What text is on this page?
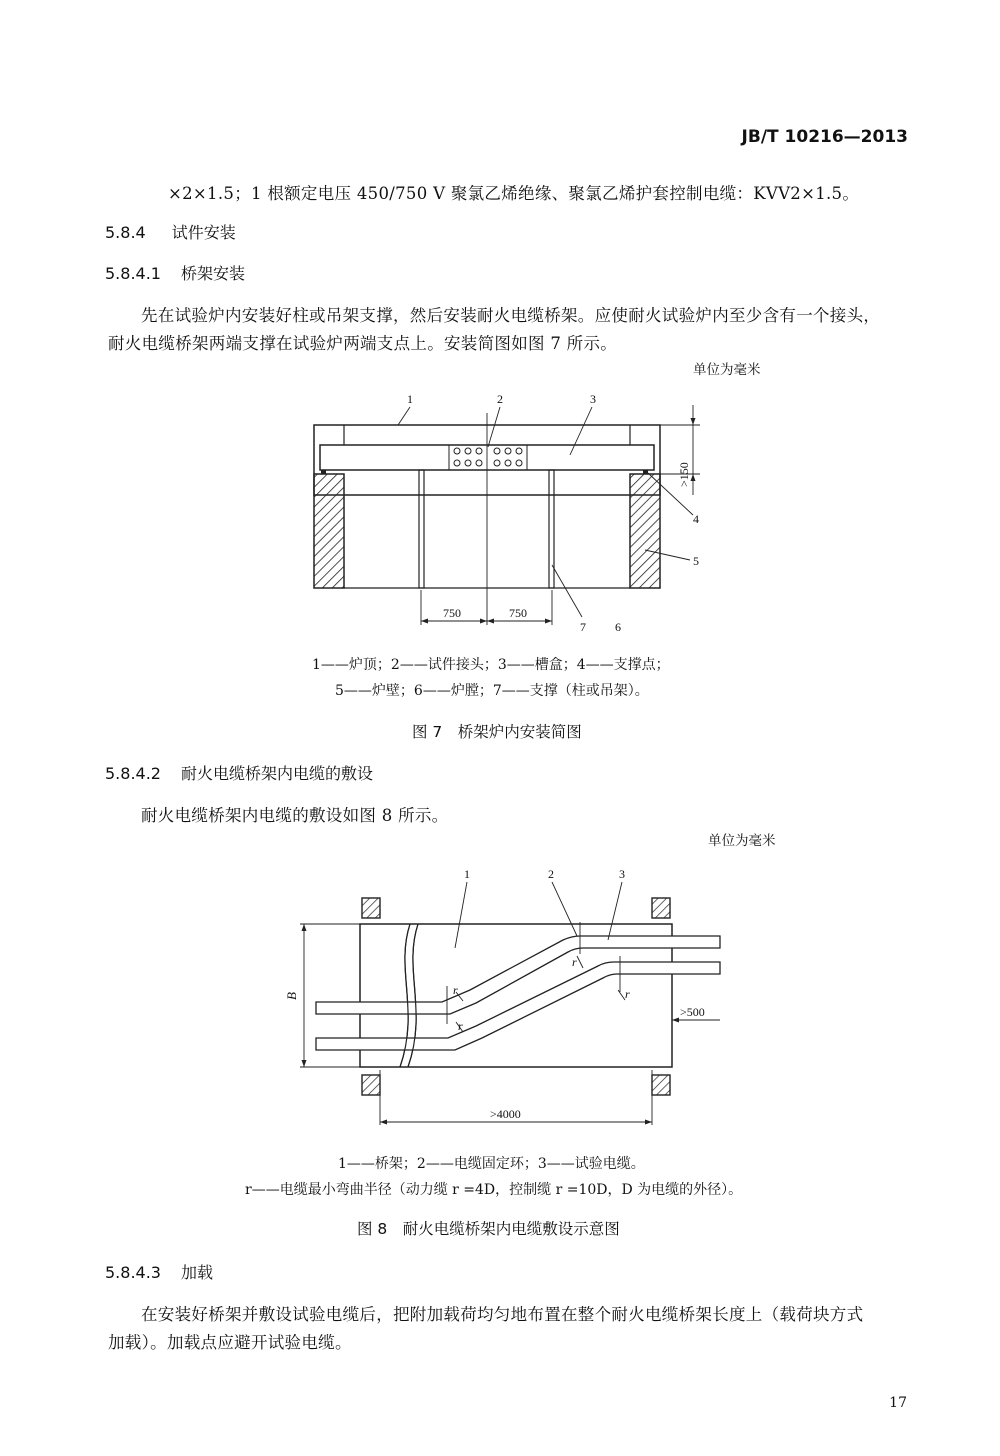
JB/T 10216—2013
×2×1.5；1 根额定电压 450/750 V 聚氯乙烯绝缘、聚氯乙烯护套控制电缆：KVV2×1.5。
5.8.4 试件安装
5.8.4.1 桥架安装
先在试验炉内安装好柱或吊架支撑，然后安装耐火电缆桥架。应使耐火试验炉内至少含有一个接头，
耐火电缆桥架两端支撑在试验炉两端支点上。安装简图如图 7 所示。
单位为毫米
1	2	3
4
5
6
7
750	750
>150
1——炉顶；2——试件接头；3——槽盒；4——支撑点；
5——炉壁；6——炉膛；7——支撑（柱或吊架）。
图 7　桥架炉内安装简图
5.8.4.2 耐火电缆桥架内电缆的敷设
耐火电缆桥架内电缆的敷设如图 8 所示。
单位为毫米
1	2	3
r
r
r
r
B
>500
>4000
1——桥架；2——电缆固定环；3——试验电缆。
r——电缆最小弯曲半径（动力缆 r =4D，控制缆 r =10D，D 为电缆的外径）。
图 8　耐火电缆桥架内电缆敷设示意图
5.8.4.3 加载
在安装好桥架并敷设试验电缆后，把附加载荷均匀地布置在整个耐火电缆桥架长度上（载荷块方式
加载）。加载点应避开试验电缆。
17
